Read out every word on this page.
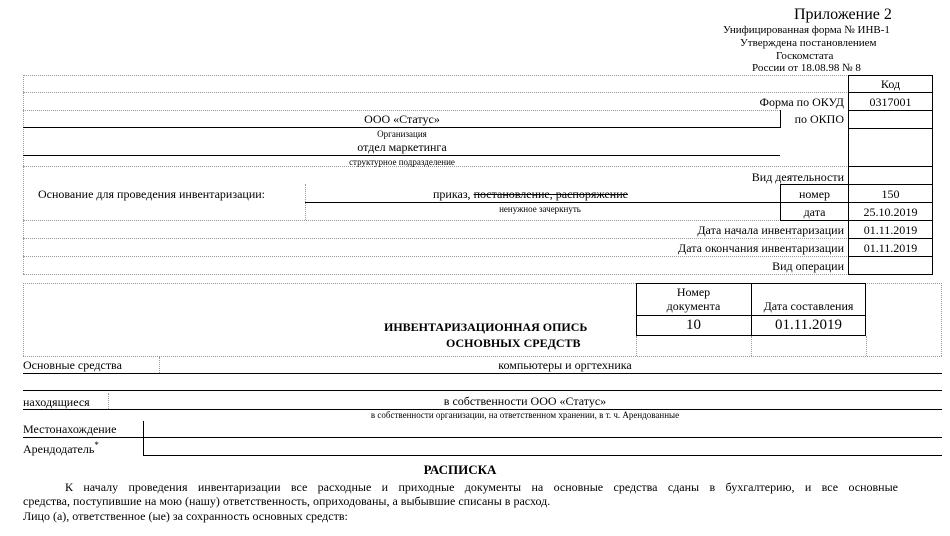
Приложение 2
Унифицированная форма № ИНВ-1
Утверждена постановлением
Госкомстата
России от 18.08.98 № 8
Код
Форма по ОКУД	0317001
по ОКПО
Вид деятельности
номер	150
дата	25.10.2019
Дата начала инвентаризации	01.11.2019
Дата окончания инвентаризации	01.11.2019
Вид операции
ООО «Статус»
Организация
отдел маркетинга
структурное подразделение
Основание для проведения инвентаризации:	приказ, постановление, распоряжение
ненужное зачеркнуть
Номер
документа	Дата составления
10	01.11.2019
ИНВЕНТАРИЗАЦИОННАЯ ОПИСЬ
ОСНОВНЫХ СРЕДСТВ
Основные средства	компьютеры и оргтехника
находящиеся	в собственности ООО «Статус»
в собственности организации, на ответственном хранении, в т. ч. Арендованные
Местонахождение
Арендодатель*
РАСПИСКА
К началу проведения инвентаризации все расходные и приходные документы на основные средства сданы в бухгалтерию, и все основные
средства, поступившие на мою (нашу) ответственность, оприходованы, а выбывшие списаны в расход.
Лицо (а), ответственное (ые) за сохранность основных средств:
